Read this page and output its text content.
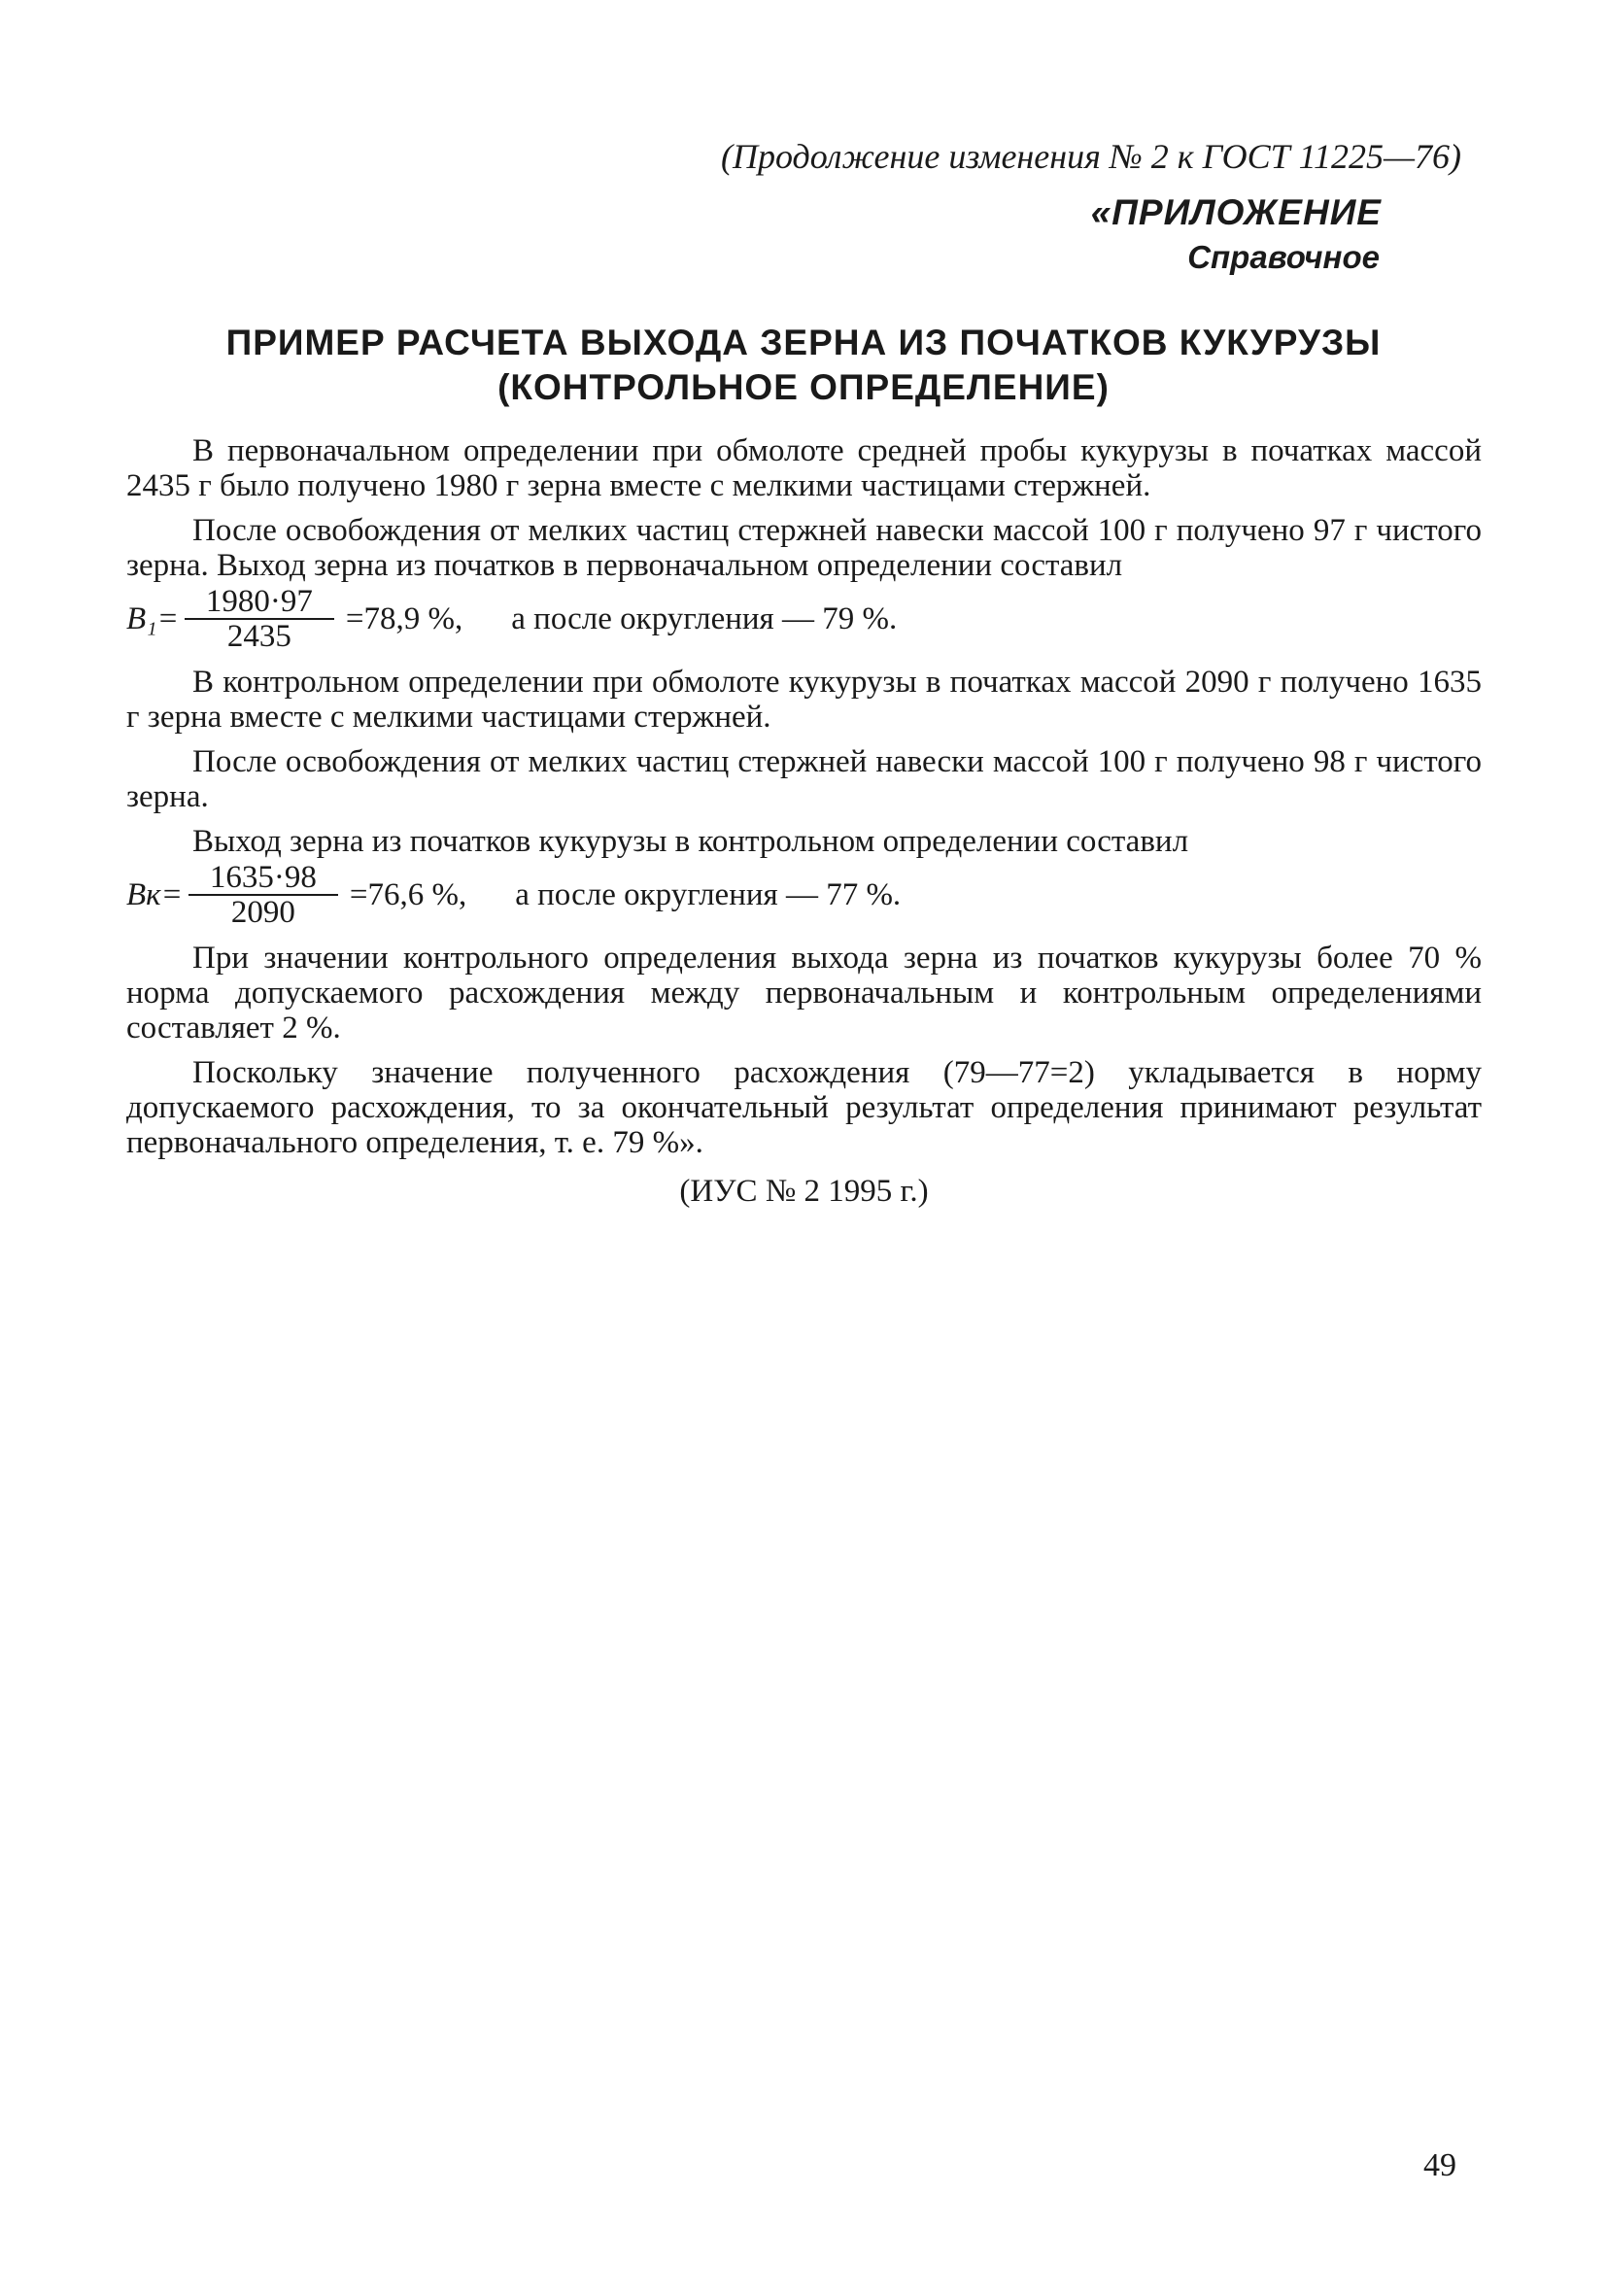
(Продолжение изменения № 2 к ГОСТ 11225—76)
«ПРИЛОЖЕНИЕ
Справочное
ПРИМЕР РАСЧЕТА ВЫХОДА ЗЕРНА ИЗ ПОЧАТКОВ КУКУРУЗЫ
(КОНТРОЛЬНОЕ ОПРЕДЕЛЕНИЕ)

В первоначальном определении при обмолоте средней пробы кукурузы в початках массой 2435 г было получено 1980 г зерна вместе с мелкими частицами стержней.

После освобождения от мелких частиц стержней навески массой 100 г получено 97 г чистого зерна. Выход зерна из початков в первоначальном определении составил

$B_1= \frac{1980\cdot 97}{2435} =78,9$ %, а после округления — 79 %.

В контрольном определении при обмолоте кукурузы в початках массой 2090 г получено 1635 г зерна вместе с мелкими частицами стержней.

После освобождения от мелких частиц стержней навески массой 100 г получено 98 г чистого зерна.

Выход зерна из початков кукурузы в контрольном определении составил

$Bк= \frac{1635\cdot 98}{2090} =76,6$ %, а после округления — 77 %.

При значении контрольного определения выхода зерна из початков кукурузы более 70 % норма допускаемого расхождения между первоначальным и контрольным определениями составляет 2 %.

Поскольку значение полученного расхождения (79—77=2) укладывается в норму допускаемого расхождения, то за окончательный результат определения принимают результат первоначального определения, т. е. 79 %».

(ИУС № 2 1995 г.)
49
